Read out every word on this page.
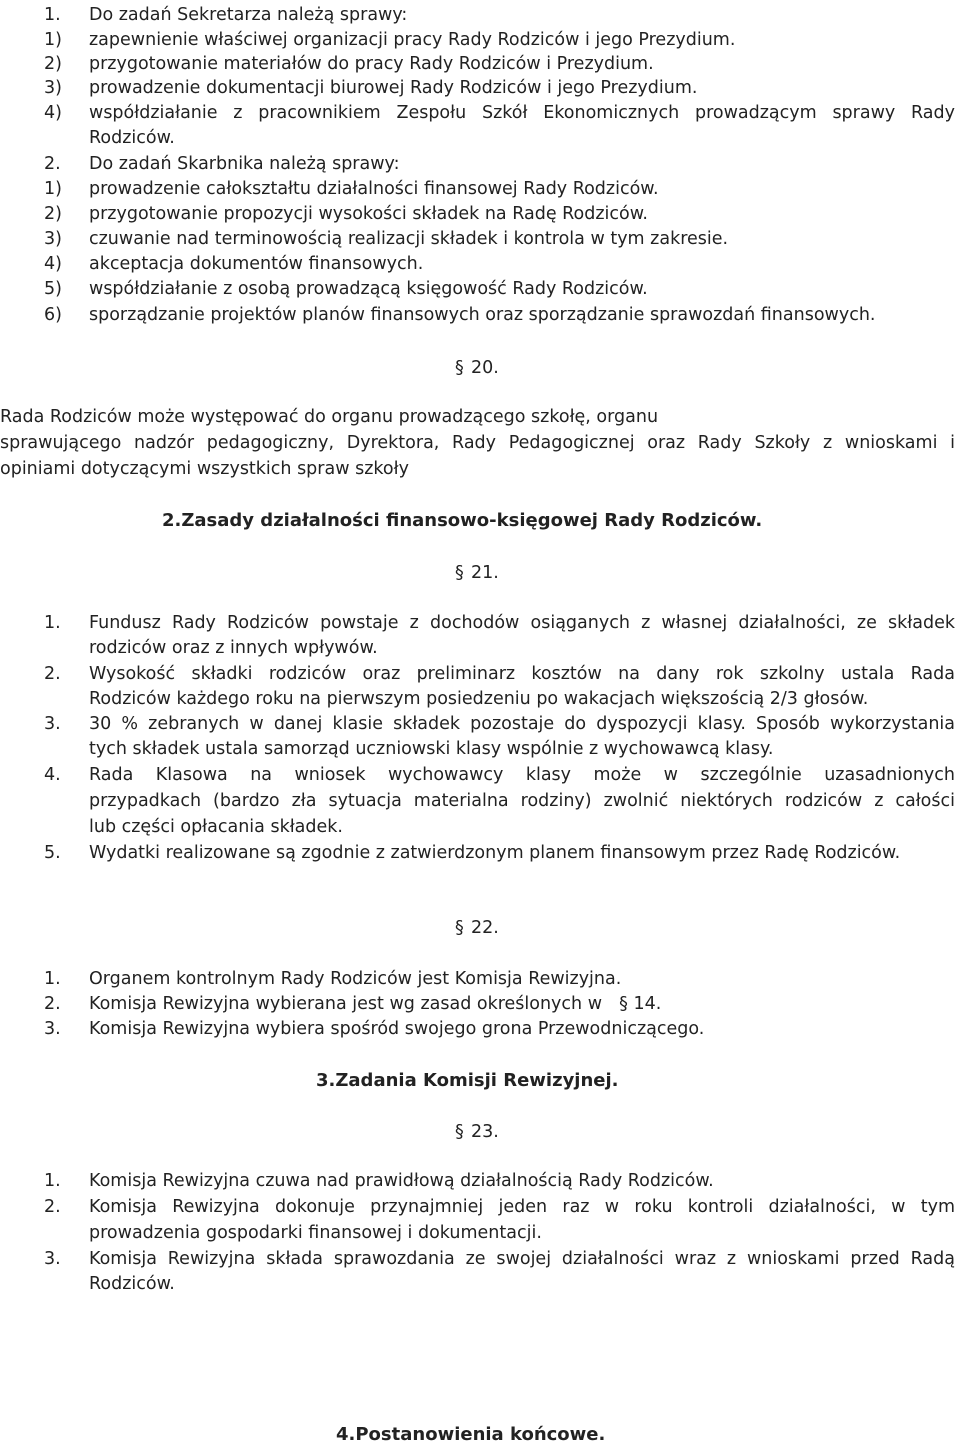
1. Do zadań Sekretarza należą sprawy:
1) zapewnienie właściwej organizacji pracy Rady Rodziców i jego Prezydium.
2) przygotowanie materiałów do pracy Rady Rodziców i Prezydium.
3) prowadzenie dokumentacji biurowej Rady Rodziców i jego Prezydium.
4) współdziałanie z pracownikiem Zespołu Szkół Ekonomicznych prowadzącym sprawy Rady
Rodziców.
2. Do zadań Skarbnika należą sprawy:
1) prowadzenie całokształtu działalności finansowej Rady Rodziców.
2) przygotowanie propozycji wysokości składek na Radę Rodziców.
3) czuwanie nad terminowością realizacji składek i kontrola w tym zakresie.
4) akceptacja dokumentów finansowych.
5) współdziałanie z osobą prowadzącą księgowość Rady Rodziców.
6) sporządzanie projektów planów finansowych oraz sporządzanie sprawozdań finansowych.
§ 20.
Rada Rodziców może występować do organu prowadzącego szkołę, organu
sprawującego nadzór pedagogiczny, Dyrektora, Rady Pedagogicznej oraz Rady Szkoły z wnioskami i
opiniami dotyczącymi wszystkich spraw szkoły
2.Zasady działalności finansowo-księgowej Rady Rodziców.
§ 21.
1. Fundusz Rady Rodziców powstaje z dochodów osiąganych z własnej działalności, ze składek
rodziców oraz z innych wpływów.
2. Wysokość składki rodziców oraz preliminarz kosztów na dany rok szkolny ustala Rada
Rodziców każdego roku na pierwszym posiedzeniu po wakacjach większością 2/3 głosów.
3. 30 % zebranych w danej klasie składek pozostaje do dyspozycji klasy. Sposób wykorzystania
tych składek ustala samorząd uczniowski klasy wspólnie z wychowawcą klasy.
4. Rada Klasowa na wniosek wychowawcy klasy może w szczególnie uzasadnionych
przypadkach (bardzo zła sytuacja materialna rodziny) zwolnić niektórych rodziców z całości
lub części opłacania składek.
5. Wydatki realizowane są zgodnie z zatwierdzonym planem finansowym przez Radę Rodziców.
§ 22.
1. Organem kontrolnym Rady Rodziców jest Komisja Rewizyjna.
2. Komisja Rewizyjna wybierana jest wg zasad określonych w § 14.
3. Komisja Rewizyjna wybiera spośród swojego grona Przewodniczącego.
3.Zadania Komisji Rewizyjnej.
§ 23.
1. Komisja Rewizyjna czuwa nad prawidłową działalnością Rady Rodziców.
2. Komisja Rewizyjna dokonuje przynajmniej jeden raz w roku kontroli działalności, w tym
prowadzenia gospodarki finansowej i dokumentacji.
3. Komisja Rewizyjna składa sprawozdania ze swojej działalności wraz z wnioskami przed Radą
Rodziców.
4.Postanowienia końcowe.
